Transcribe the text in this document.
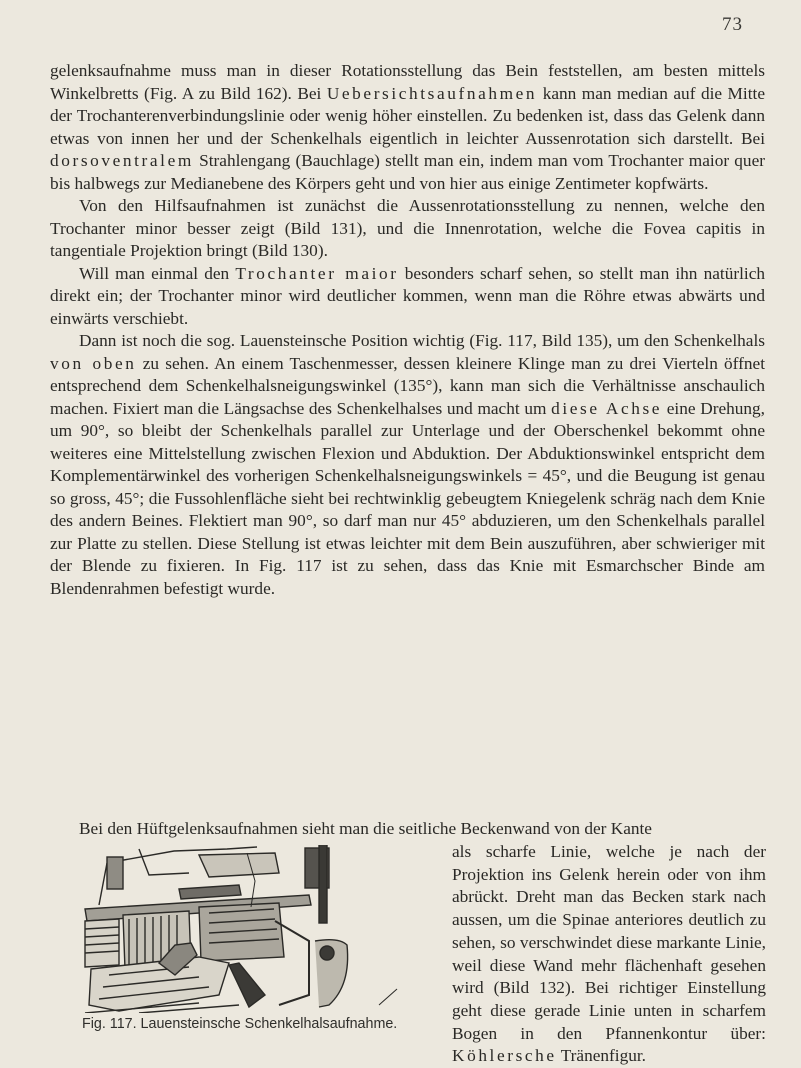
73

gelenksaufnahme muss man in dieser Rotationsstellung das Bein feststellen, am besten mittels Winkelbretts (Fig. A zu Bild 162). Bei Uebersichtsaufnahmen kann man median auf die Mitte der Trochanterenverbindungslinie oder wenig höher einstellen. Zu bedenken ist, dass das Gelenk dann etwas von innen her und der Schenkelhals eigentlich in leichter Aussenrotation sich darstellt. Bei dorsoventralem Strahlengang (Bauchlage) stellt man ein, indem man vom Trochanter maior quer bis halbwegs zur Medianebene des Körpers geht und von hier aus einige Zentimeter kopfwärts.

Von den Hilfsaufnahmen ist zunächst die Aussenrotationsstellung zu nennen, welche den Trochanter minor besser zeigt (Bild 131), und die Innenrotation, welche die Fovea capitis in tangentiale Projektion bringt (Bild 130).

Will man einmal den Trochanter maior besonders scharf sehen, so stellt man ihn natürlich direkt ein; der Trochanter minor wird deutlicher kommen, wenn man die Röhre etwas abwärts und einwärts verschiebt.

Dann ist noch die sog. Lauensteinsche Position wichtig (Fig. 117, Bild 135), um den Schenkelhals von oben zu sehen. An einem Taschenmesser, dessen kleinere Klinge man zu drei Vierteln öffnet entsprechend dem Schenkelhalsneigungswinkel (135°), kann man sich die Verhältnisse anschaulich machen. Fixiert man die Längsachse des Schenkelhalses und macht um diese Achse eine Drehung, um 90°, so bleibt der Schenkelhals parallel zur Unterlage und der Oberschenkel bekommt ohne weiteres eine Mittelstellung zwischen Flexion und Abduktion. Der Abduktionswinkel entspricht dem Komplementärwinkel des vorherigen Schenkelhalsneigungswinkels = 45°, und die Beugung ist genau so gross, 45°; die Fussohlenfläche sieht bei rechtwinklig gebeugtem Kniegelenk schräg nach dem Knie des andern Beines. Flektiert man 90°, so darf man nur 45° abduzieren, um den Schenkelhals parallel zur Platte zu stellen. Diese Stellung ist etwas leichter mit dem Bein auszuführen, aber schwieriger mit der Blende zu fixieren. In Fig. 117 ist zu sehen, dass das Knie mit Esmarchscher Binde am Blendenrahmen befestigt wurde.

Bei den Hüftgelenksaufnahmen sieht man die seitliche Beckenwand von der Kante

Fig. 117. Lauensteinsche Schenkelhalsaufnahme.
als scharfe Linie, welche je nach der Projektion ins Gelenk herein oder von ihm abrückt. Dreht man das Becken stark nach aussen, um die Spinae anteriores deutlich zu sehen, so verschwindet diese markante Linie, weil diese Wand mehr flächenhaft gesehen wird (Bild 132). Bei richtiger Einstellung geht diese gerade Linie unten in scharfem Bogen in den Pfannenkontur über: Köhlersche Tränenfigur.
